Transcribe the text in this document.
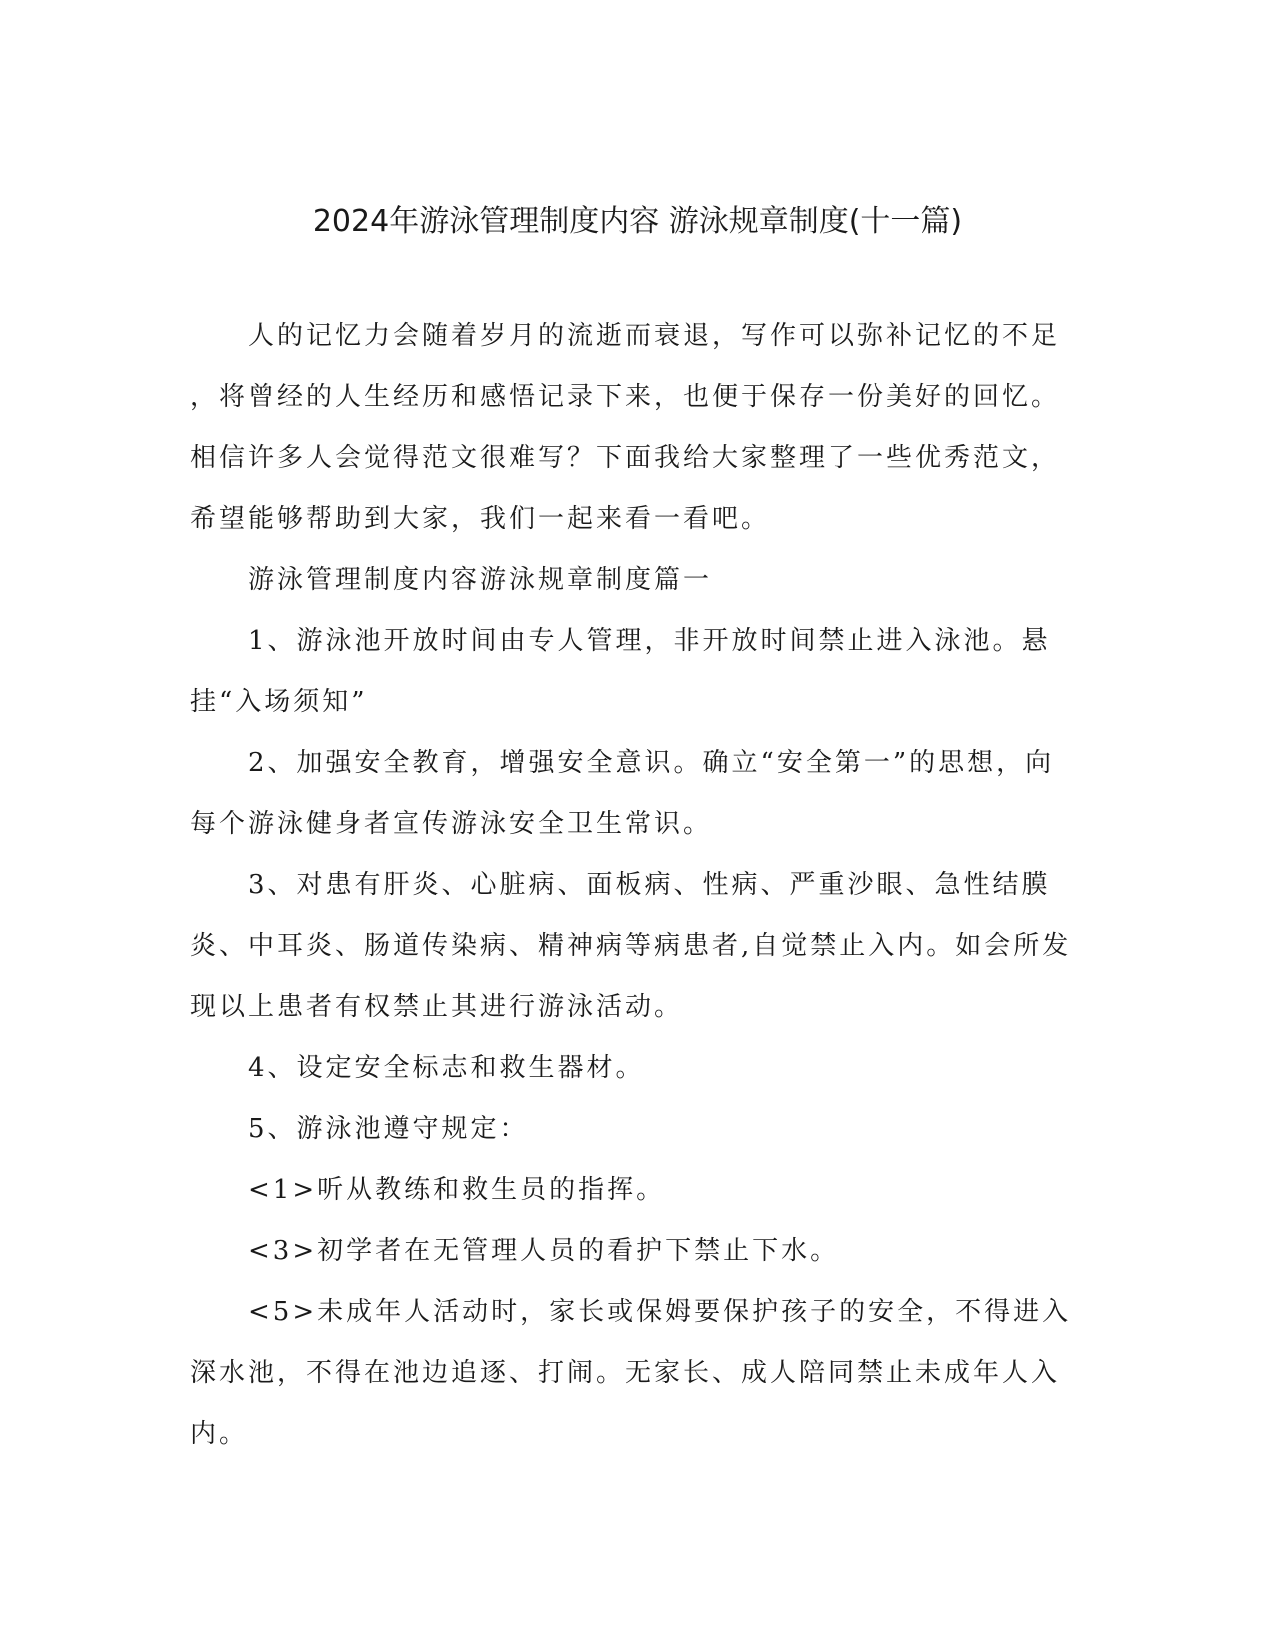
2024年游泳管理制度内容 游泳规章制度(十一篇)
　　人的记忆力会随着岁月的流逝而衰退，写作可以弥补记忆的不足
，将曾经的人生经历和感悟记录下来，也便于保存一份美好的回忆。
相信许多人会觉得范文很难写？下面我给大家整理了一些优秀范文，
希望能够帮助到大家，我们一起来看一看吧。
　　游泳管理制度内容游泳规章制度篇一
　　1、游泳池开放时间由专人管理，非开放时间禁止进入泳池。悬
挂“入场须知”
　　2、加强安全教育，增强安全意识。确立“安全第一”的思想，向
每个游泳健身者宣传游泳安全卫生常识。
　　3、对患有肝炎、心脏病、面板病、性病、严重沙眼、急性结膜
炎、中耳炎、肠道传染病、精神病等病患者,自觉禁止入内。如会所发
现以上患者有权禁止其进行游泳活动。
　　4、设定安全标志和救生器材。
　　5、游泳池遵守规定：
　　<1>听从教练和救生员的指挥。
　　<3>初学者在无管理人员的看护下禁止下水。
　　<5>未成年人活动时，家长或保姆要保护孩子的安全，不得进入
深水池，不得在池边追逐、打闹。无家长、成人陪同禁止未成年人入
内。
